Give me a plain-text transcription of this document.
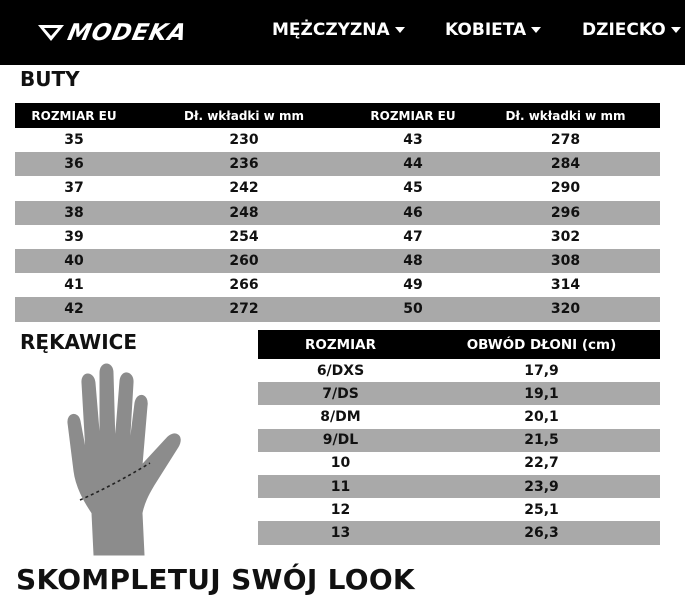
MODEKA	MĘŻCZYZNA	KOBIETA	DZIECKO
BUTY
ROZMIAR EU	Dł. wkładki w mm	ROZMIAR EU	Dł. wkładki w mm
35	230	43	278
36	236	44	284
37	242	45	290
38	248	46	296
39	254	47	302
40	260	48	308
41	266	49	314
42	272	50	320
RĘKAWICE	ROZMIAR	OBWÓD DŁONI (cm)
6/DXS	17,9
7/DS	19,1
8/DM	20,1
9/DL	21,5
10	22,7
11	23,9
12	25,1
13	26,3
SKOMPLETUJ SWÓJ LOOK
